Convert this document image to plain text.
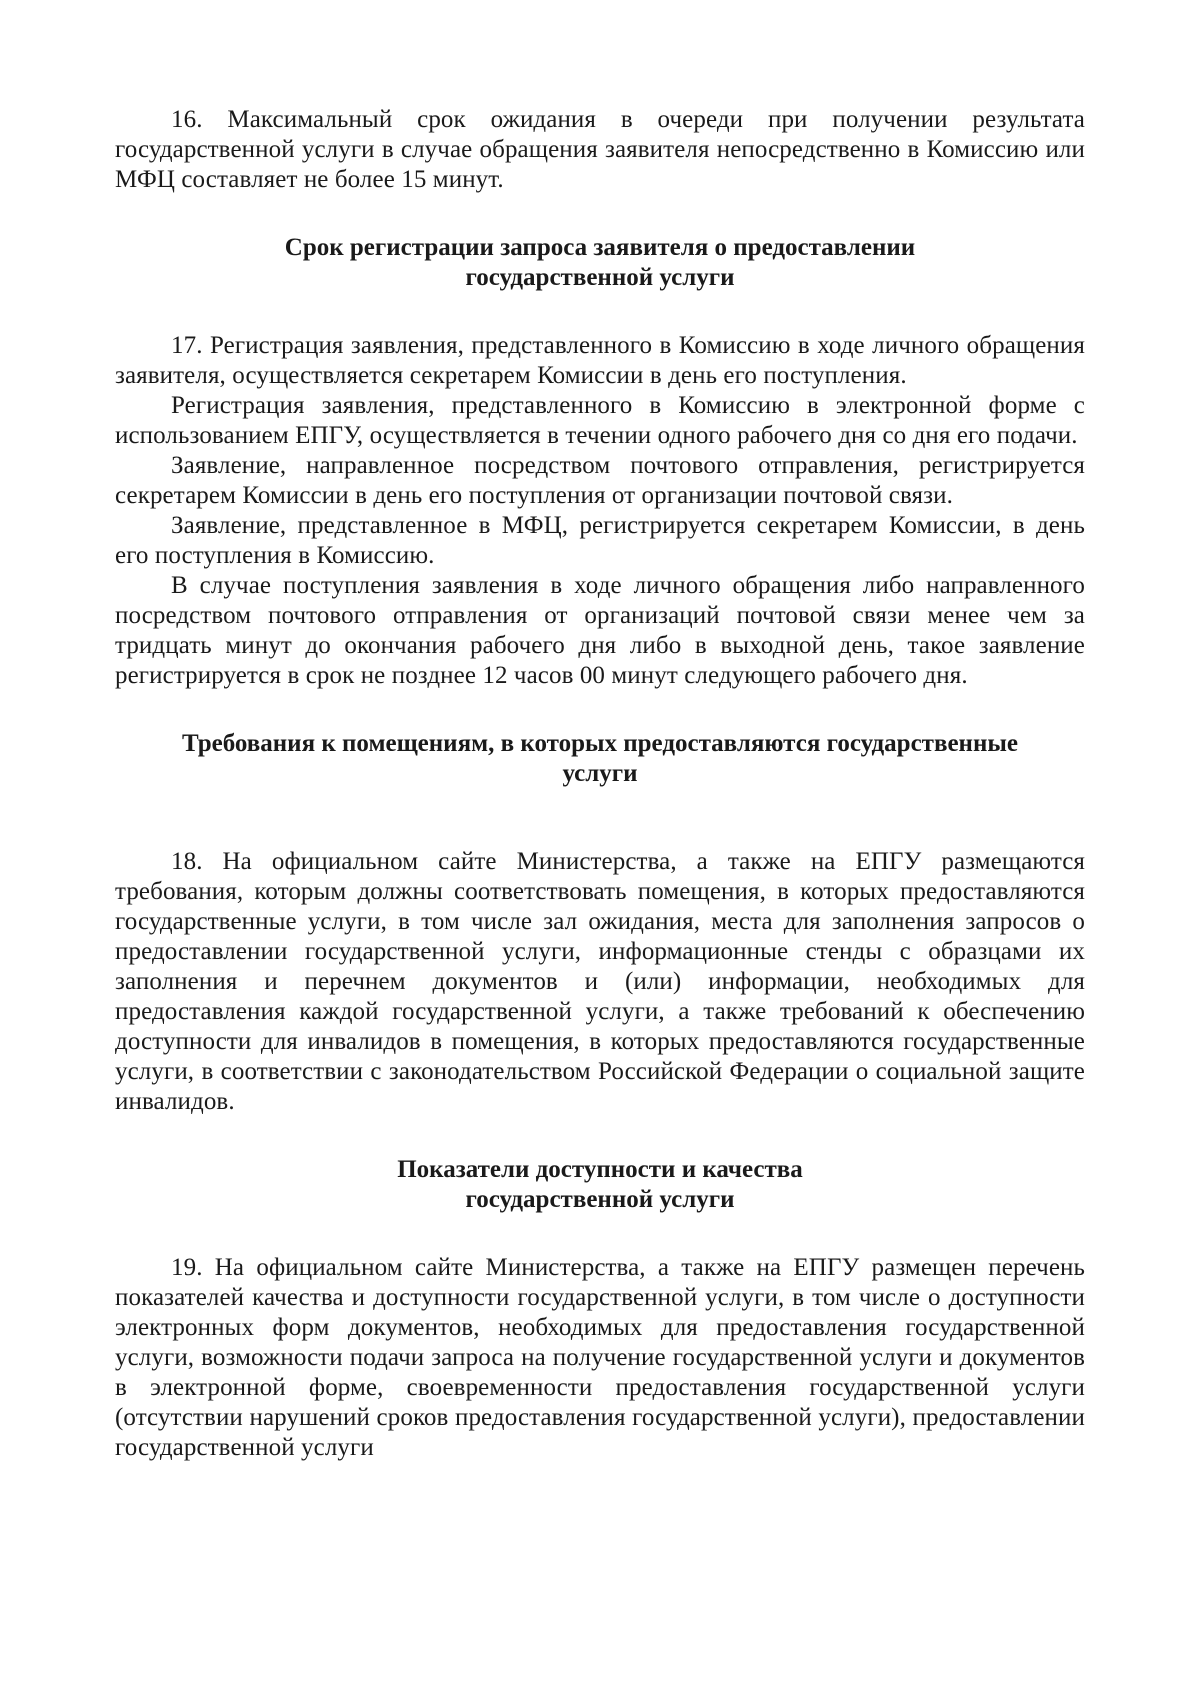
16. Максимальный срок ожидания в очереди при получении результата государственной услуги в случае обращения заявителя непосредственно в Комиссию или МФЦ составляет не более 15 минут.

Срок регистрации запроса заявителя о предоставлении
государственной услуги

17. Регистрация заявления, представленного в Комиссию в ходе личного обращения заявителя, осуществляется секретарем Комиссии в день его поступления.

Регистрация заявления, представленного в Комиссию в электронной форме с использованием ЕПГУ, осуществляется в течении одного рабочего дня со дня его подачи.

Заявление, направленное посредством почтового отправления, регистрируется секретарем Комиссии в день его поступления от организации почтовой связи.

Заявление, представленное в МФЦ, регистрируется секретарем Комиссии, в день его поступления в Комиссию.

В случае поступления заявления в ходе личного обращения либо направленного посредством почтового отправления от организаций почтовой связи менее чем за тридцать минут до окончания рабочего дня либо в выходной день, такое заявление регистрируется в срок не позднее 12 часов 00 минут следующего рабочего дня.

Требования к помещениям, в которых предоставляются государственные
услуги

18. На официальном сайте Министерства, а также на ЕПГУ размещаются требования, которым должны соответствовать помещения, в которых предоставляются государственные услуги, в том числе зал ожидания, места для заполнения запросов о предоставлении государственной услуги, информационные стенды с образцами их заполнения и перечнем документов и (или) информации, необходимых для предоставления каждой государственной услуги, а также требований к обеспечению доступности для инвалидов в помещения, в которых предоставляются государственные услуги, в соответствии с законодательством Российской Федерации о социальной защите инвалидов.

Показатели доступности и качества
государственной услуги

19. На официальном сайте Министерства, а также на ЕПГУ размещен перечень показателей качества и доступности государственной услуги, в том числе о доступности электронных форм документов, необходимых для предоставления государственной услуги, возможности подачи запроса на получение государственной услуги и документов в электронной форме, своевременности предоставления государственной услуги (отсутствии нарушений сроков предоставления государственной услуги), предоставлении государственной услуги
